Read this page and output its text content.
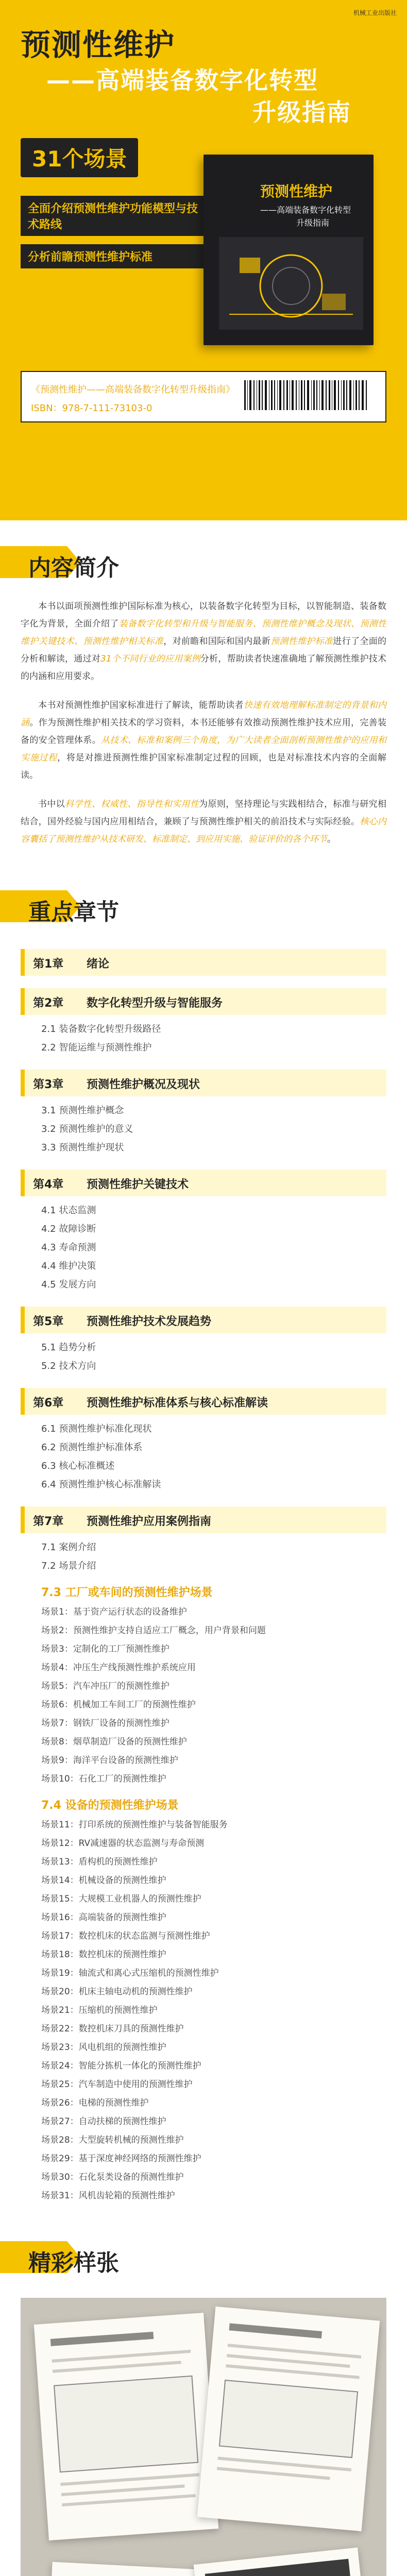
机械工业出版社
预测性维护
——高端装备数字化转型
升级指南
31个场景
全面介绍预测性维护功能模型与技术路线
分析前瞻预测性维护标准
预测性维护
——高端装备数字化转型
升级指南
《预测性维护——高端装备数字化转型升级指南》
ISBN：978-7-111-73103-0
内容简介

本书以面项预测性维护国际标准为核心，以装备数字化转型为目标，以智能制造、装备数字化为背景，全面介绍了装备数字化转型和升级与智能服务、预测性维护概念及现状、预测性维护关键技术、预测性维护相关标准，对前瞻和国际和国内最新预测性维护标准进行了全面的分析和解读，通过对31个不同行业的应用案例分析，帮助读者快速准确地了解预测性维护技术的内涵和应用要求。

本书对预测性维护国家标准进行了解读，能帮助读者快速有效地理解标准制定的背景和内涵。作为预测性维护相关技术的学习资料，本书还能够有效推动预测性维护技术应用，完善装备的安全管理体系。从技术、标准和案例三个角度，为广大读者全面剖析预测性维护的应用和实施过程，将是对推进预测性维护国家标准制定过程的回顾，也是对标准技术内容的全面解读。

书中以科学性、权威性、指导性和实用性为原则，坚持理论与实践相结合，标准与研究相结合，国外经验与国内应用相结合，兼顾了与预测性维护相关的前沿技术与实际经验。核心内容囊括了预测性维护从技术研发、标准制定、到应用实施、验证评价的各个环节。

重点章节
第1章 绪论
第2章 数字化转型升级与智能服务
2.1 装备数字化转型升级路径
2.2 智能运维与预测性维护
第3章 预测性维护概况及现状
3.1 预测性维护概念
3.2 预测性维护的意义
3.3 预测性维护现状
第4章 预测性维护关键技术
4.1 状态监测
4.2 故障诊断
4.3 寿命预测
4.4 维护决策
4.5 发展方向
第5章 预测性维护技术发展趋势
5.1 趋势分析
5.2 技术方向
第6章 预测性维护标准体系与核心标准解读
6.1 预测性维护标准化现状
6.2 预测性维护标准体系
6.3 核心标准概述
6.4 预测性维护核心标准解读
第7章 预测性维护应用案例指南
7.1 案例介绍
7.2 场景介绍
7.3 工厂或车间的预测性维护场景
场景1：基于资产运行状态的设备维护
场景2：预测性维护支持自适应工厂概念，用户背景和问题
场景3：定制化的工厂预测性维护
场景4：冲压生产线预测性维护系统应用
场景5：汽车冲压厂的预测性维护
场景6：机械加工车间工厂的预测性维护
场景7：钢铁厂设备的预测性维护
场景8：烟草制造厂设备的预测性维护
场景9：海洋平台设备的预测性维护
场景10：石化工厂的预测性维护
7.4 设备的预测性维护场景
场景11：打印系统的预测性维护与装备智能服务
场景12：RV减速器的状态监测与寿命预测
场景13：盾构机的预测性维护
场景14：机械设备的预测性维护
场景15：大规模工业机器人的预测性维护
场景16：高端装备的预测性维护
场景17：数控机床的状态监测与预测性维护
场景18：数控机床的预测性维护
场景19：轴流式和离心式压缩机的预测性维护
场景20：机床主轴电动机的预测性维护
场景21：压缩机的预测性维护
场景22：数控机床刀具的预测性维护
场景23：风电机组的预测性维护
场景24：智能分拣机一体化的预测性维护
场景25：汽车制造中使用的预测性维护
场景26：电梯的预测性维护
场景27：自动扶梯的预测性维护
场景28：大型旋转机械的预测性维护
场景29：基于深度神经网络的预测性维护
场景30：石化泵类设备的预测性维护
场景31：风机齿轮箱的预测性维护
精彩样张
